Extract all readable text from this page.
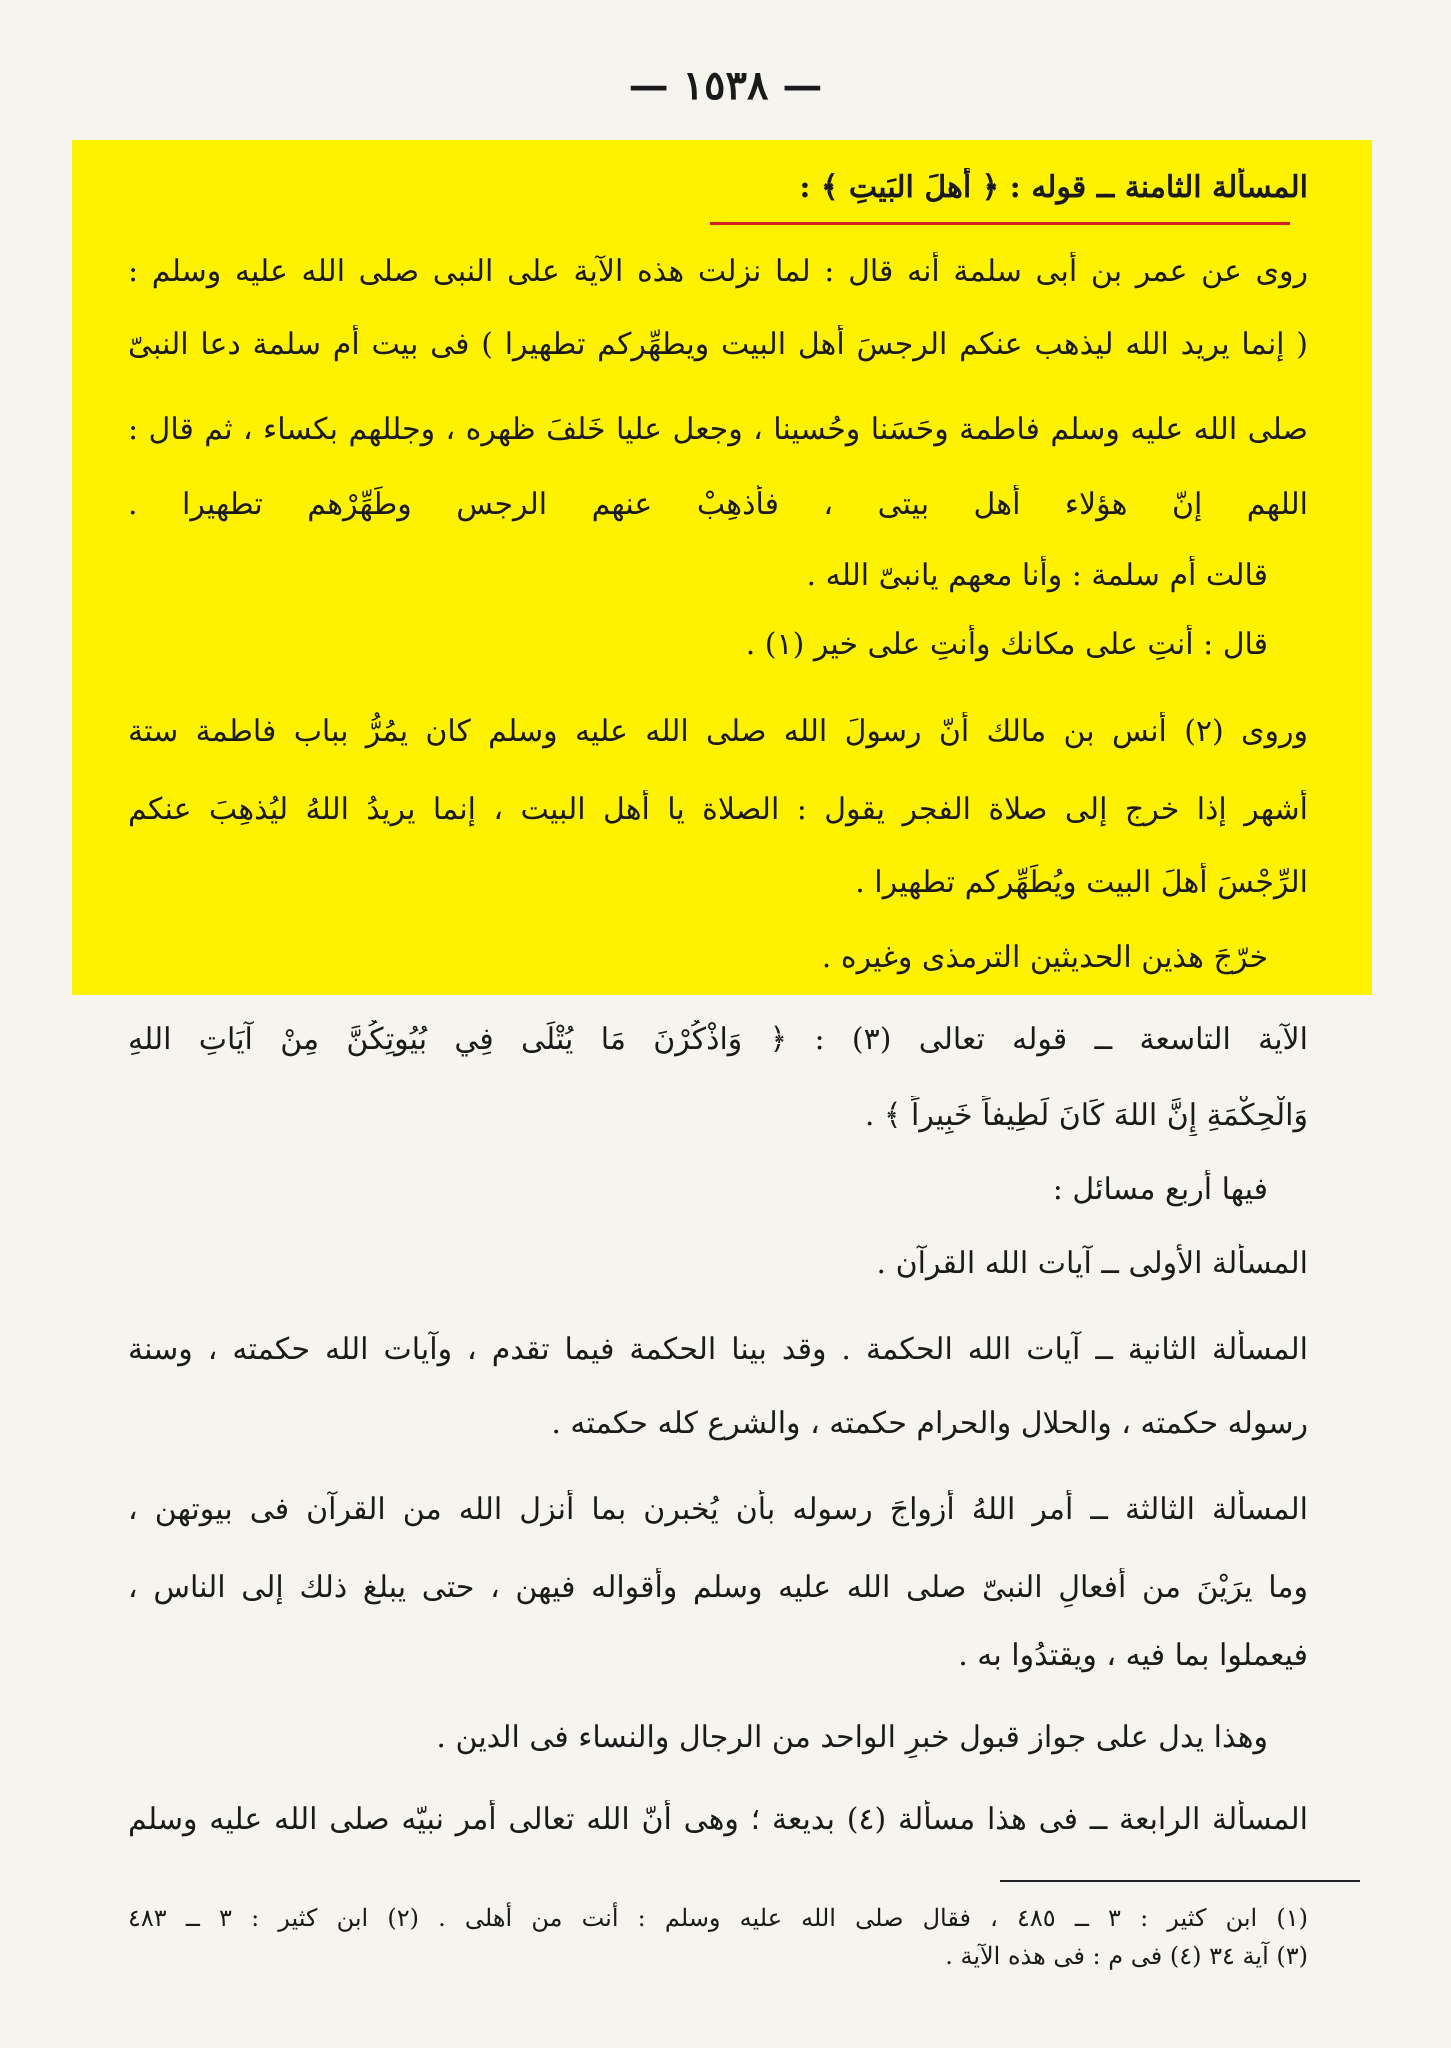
— ١٥٣٨ —
المسألة الثامنة ــ قوله : ﴿ أَهلَ البَيتِ ﴾ :
روى عن عمر بن أبى سلمة أنه قال : لما نزلت هذه الآية على النبى صلى الله عليه وسلم :
( إنما يريد الله ليذهب عنكم الرجسَ أهل البيت ويطهِّركم تطهيرا ) فى بيت أم سلمة دعا النبىّ
صلى الله عليه وسلم فاطمة وحَسَنا وحُسينا ، وجعل عليا خَلفَ ظهره ، وجللهم بكساء ، ثم قال :
اللهم إنّ هؤلاء أهل بيتى ، فأذهِبْ عنهم الرجس وطَهِّرْهم تطهيرا .
قالت أم سلمة : وأنا معهم يانبىّ الله .
قال : أنتِ على مكانك وأنتِ على خير (١) .
وروى (٢) أنس بن مالك أنّ رسولَ الله صلى الله عليه وسلم كان يمُرُّ بباب فاطمة ستة
أشهر إذا خرج إلى صلاة الفجر يقول : الصلاة يا أهل البيت ، إنما يريدُ اللهُ ليُذهِبَ عنكم
الرِّجْسَ أهلَ البيت ويُطَهِّركم تطهيرا .
خرّجَ هذين الحديثين الترمذى وغيره .
الآية التاسعة ــ قوله تعالى (٣) : ﴿ وَاذْكُرْنَ مَا يُتْلَى فِي بُيُوتِكُنَّ مِنْ آيَاتِ اللهِ
وَالْحِكْمَةِ إِنَّ اللهَ كَانَ لَطِيفاً خَبِيراً ﴾ .
فيها أربع مسائل :
المسألة الأولى ــ آيات الله القرآن .
المسألة الثانية ــ آيات الله الحكمة . وقد بينا الحكمة فيما تقدم ، وآيات الله حكمته ، وسنة
رسوله حكمته ، والحلال والحرام حكمته ، والشرع كله حكمته .
المسألة الثالثة ــ أمر اللهُ أزواجَ رسوله بأن يُخبرن بما أنزل الله من القرآن فى بيوتهن ،
وما يرَيْنَ من أفعالِ النبىّ صلى الله عليه وسلم وأقواله فيهن ، حتى يبلغ ذلك إلى الناس ،
فيعملوا بما فيه ، ويقتدُوا به .
وهذا يدل على جواز قبول خبرِ الواحد من الرجال والنساء فى الدين .
المسألة الرابعة ــ فى هذا مسألة (٤) بديعة ؛ وهى أنّ الله تعالى أمر نبيّه صلى الله عليه وسلم
(١) ابن كثير : ٣ ــ ٤٨٥ ، فقال صلى الله عليه وسلم : أنت من أهلى . (٢) ابن كثير : ٣ ــ ٤٨٣
(٣) آية ٣٤ (٤) فى م : فى هذه الآية .
